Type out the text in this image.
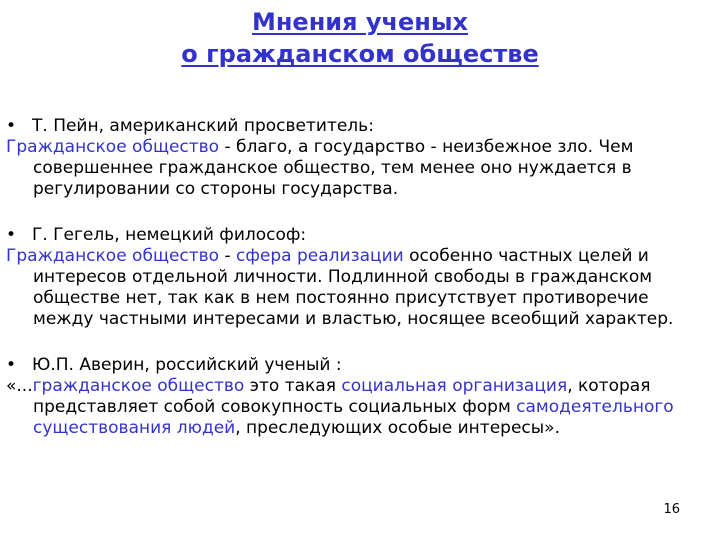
Мнения ученых
о гражданском обществе

• Т. Пейн, американский просветитель:

Гражданское общество - благо, а государство - неизбежное зло. Чем совершеннее гражданское общество, тем менее оно нуждается в регулировании со стороны государства.

• Г. Гегель, немецкий философ:

Гражданское общество - сфера реализации особенно частных целей и интересов отдельной личности. Подлинной свободы в гражданском обществе нет, так как в нем постоянно присутствует противоречие между частными интересами и властью, носящее всеобщий характер.

• Ю.П. Аверин, российский ученый :

«...гражданское общество это такая социальная организация, которая представляет собой совокупность социальных форм самодеятельного существования людей, преследующих особые интересы».

16
